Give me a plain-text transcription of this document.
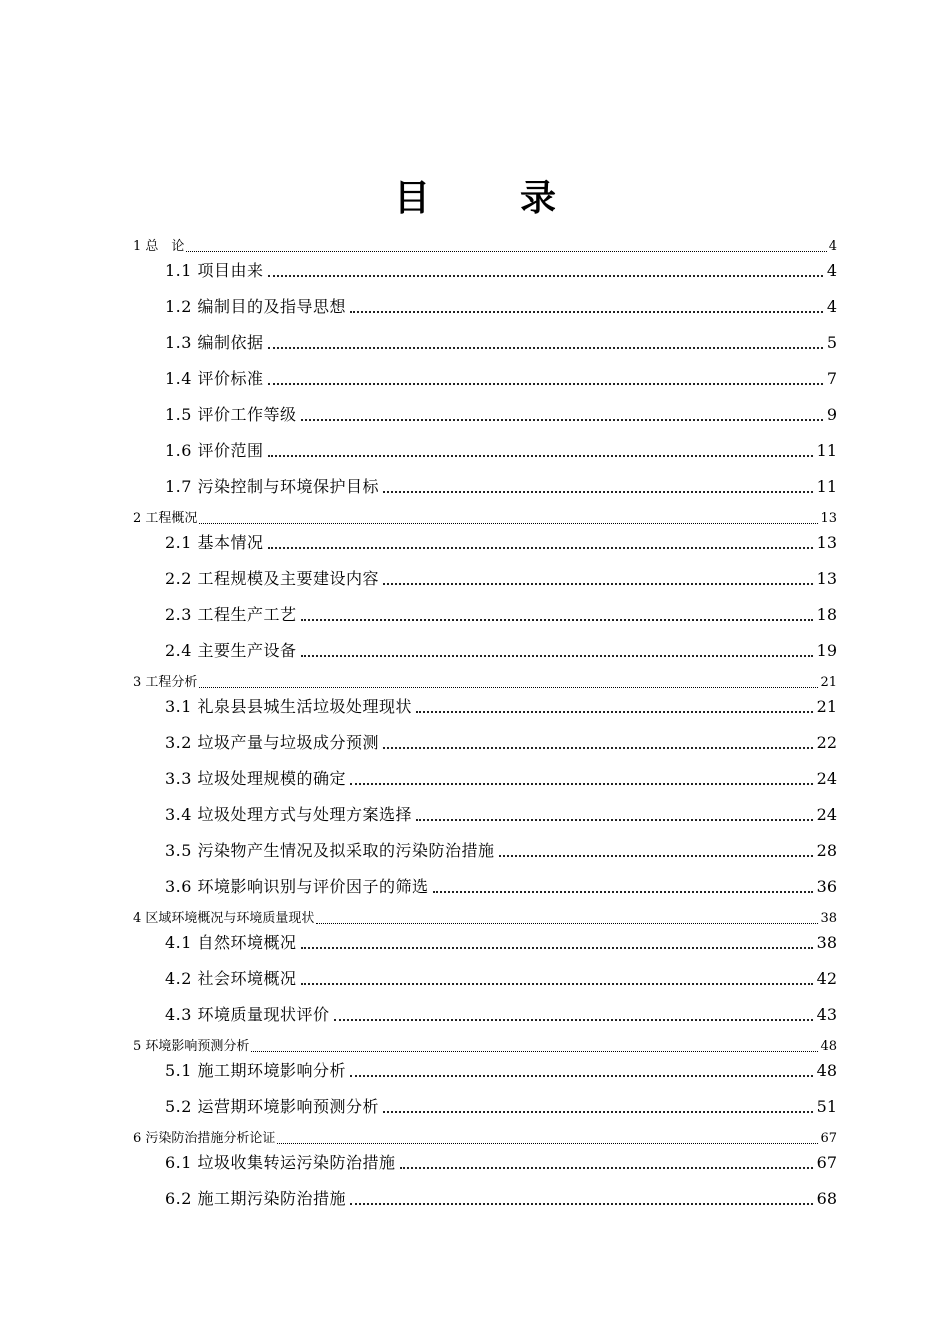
目	录
1 总　论	4
1.1 项目由来	4
1.2 编制目的及指导思想	4
1.3 编制依据	5
1.4 评价标准	7
1.5 评价工作等级	9
1.6 评价范围	11
1.7 污染控制与环境保护目标	11
2 工程概况	13
2.1 基本情况	13
2.2 工程规模及主要建设内容	13
2.3 工程生产工艺	18
2.4 主要生产设备	19
3 工程分析	21
3.1 礼泉县县城生活垃圾处理现状	21
3.2 垃圾产量与垃圾成分预测	22
3.3 垃圾处理规模的确定	24
3.4 垃圾处理方式与处理方案选择	24
3.5 污染物产生情况及拟采取的污染防治措施	28
3.6 环境影响识别与评价因子的筛选	36
4 区域环境概况与环境质量现状	38
4.1 自然环境概况	38
4.2 社会环境概况	42
4.3 环境质量现状评价	43
5 环境影响预测分析	48
5.1 施工期环境影响分析	48
5.2 运营期环境影响预测分析	51
6 污染防治措施分析论证	67
6.1 垃圾收集转运污染防治措施	67
6.2 施工期污染防治措施	68
